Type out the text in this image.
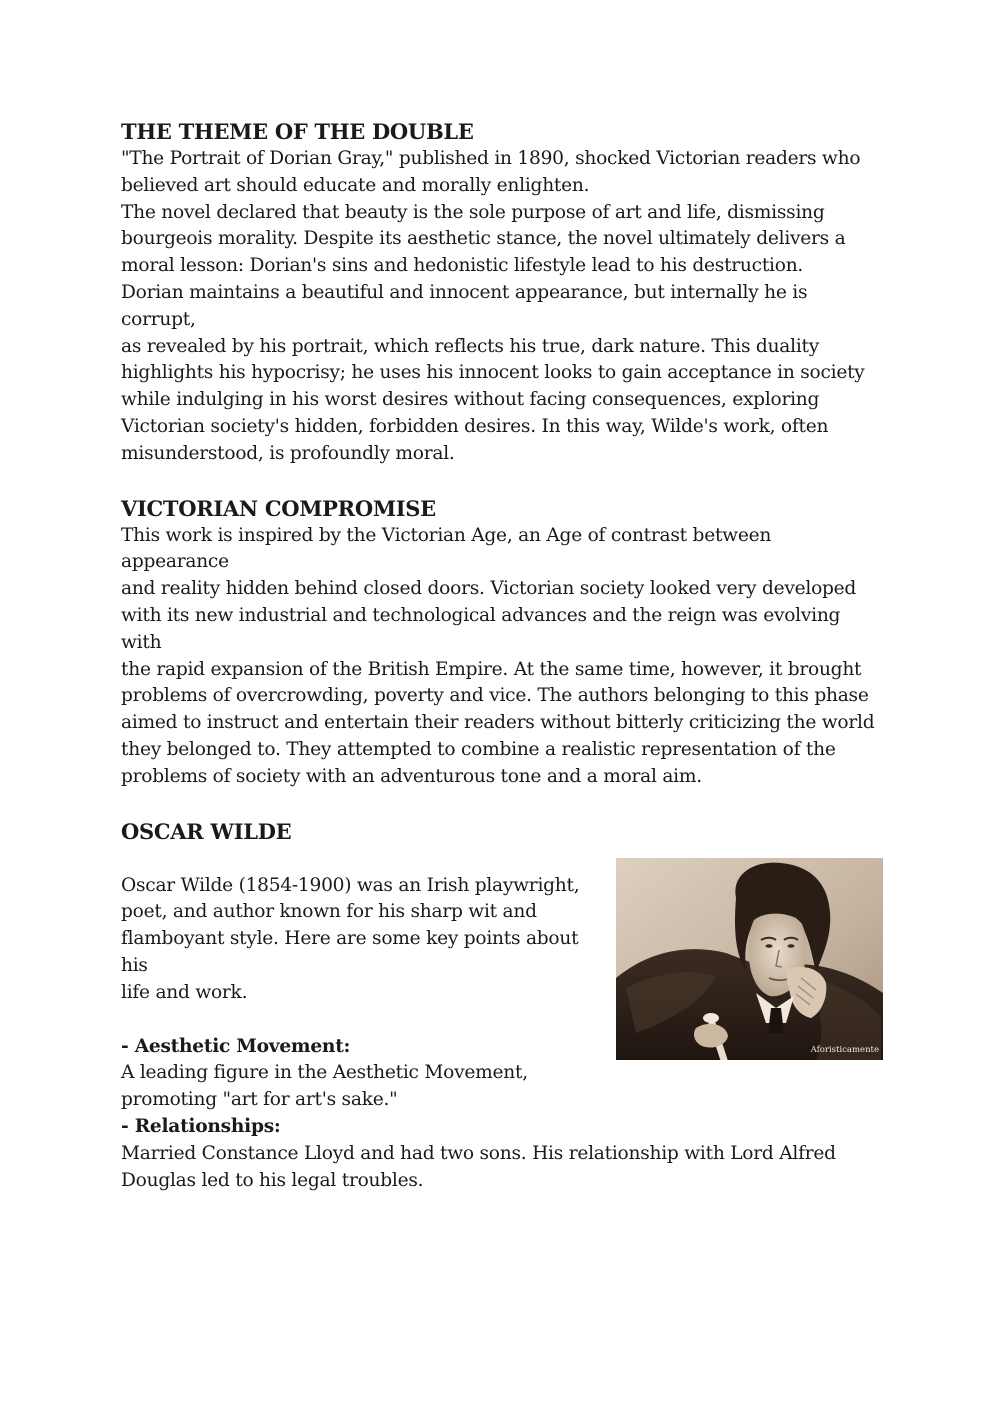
THE THEME OF THE DOUBLE

"The Portrait of Dorian Gray," published in 1890, shocked Victorian readers who

believed art should educate and morally enlighten.

The novel declared that beauty is the sole purpose of art and life, dismissing

bourgeois morality. Despite its aesthetic stance, the novel ultimately delivers a

moral lesson: Dorian's sins and hedonistic lifestyle lead to his destruction.

Dorian maintains a beautiful and innocent appearance, but internally he is corrupt,

as revealed by his portrait, which reflects his true, dark nature. This duality

highlights his hypocrisy; he uses his innocent looks to gain acceptance in society

while indulging in his worst desires without facing consequences, exploring

Victorian society's hidden, forbidden desires. In this way, Wilde's work, often

misunderstood, is profoundly moral.

VICTORIAN COMPROMISE

This work is inspired by the Victorian Age, an Age of contrast between appearance

and reality hidden behind closed doors. Victorian society looked very developed

with its new industrial and technological advances and the reign was evolving with

the rapid expansion of the British Empire. At the same time, however, it brought

problems of overcrowding, poverty and vice. The authors belonging to this phase

aimed to instruct and entertain their readers without bitterly criticizing the world

they belonged to. They attempted to combine a realistic representation of the

problems of society with an adventurous tone and a moral aim.

OSCAR WILDE
Aforisticamente

Oscar Wilde (1854-1900) was an Irish playwright,

poet, and author known for his sharp wit and

flamboyant style. Here are some key points about his

life and work.

- Aesthetic Movement:

A leading figure in the Aesthetic Movement,

promoting "art for art's sake."

- Relationships:

Married Constance Lloyd and had two sons. His relationship with Lord Alfred

Douglas led to his legal troubles.
